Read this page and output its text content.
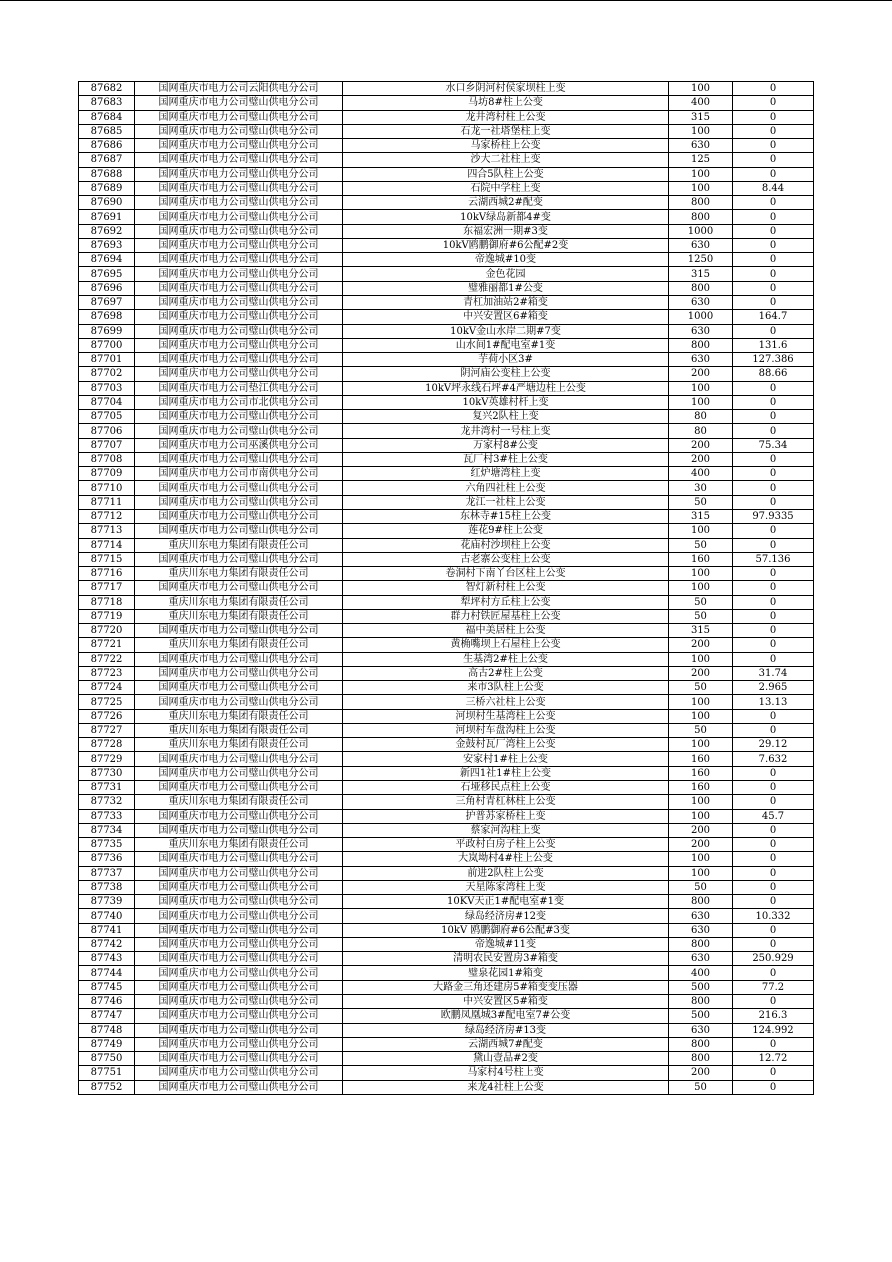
87682	国网重庆市电力公司云阳供电分公司	水口乡阴河村侯家坝柱上变	100	0
87683	国网重庆市电力公司璧山供电分公司	马坊8#柱上公变	400	0
87684	国网重庆市电力公司璧山供电分公司	龙井湾村柱上公变	315	0
87685	国网重庆市电力公司璧山供电分公司	石龙一社塔堡柱上变	100	0
87686	国网重庆市电力公司璧山供电分公司	马家桥柱上公变	630	0
87687	国网重庆市电力公司璧山供电分公司	沙大二社柱上变	125	0
87688	国网重庆市电力公司璧山供电分公司	四合5队柱上公变	100	0
87689	国网重庆市电力公司璧山供电分公司	石院中学柱上变	100	8.44
87690	国网重庆市电力公司璧山供电分公司	云湖西城2#配变	800	0
87691	国网重庆市电力公司璧山供电分公司	10kV绿岛新都4#变	800	0
87692	国网重庆市电力公司璧山供电分公司	东福宏洲一期#3变	1000	0
87693	国网重庆市电力公司璧山供电分公司	10kV鸥鹏御府#6公配#2变	630	0
87694	国网重庆市电力公司璧山供电分公司	帝逸城#10变	1250	0
87695	国网重庆市电力公司璧山供电分公司	金色花园	315	0
87696	国网重庆市电力公司璧山供电分公司	璧雅丽都1#公变	800	0
87697	国网重庆市电力公司璧山供电分公司	青杠加油站2#箱变	630	0
87698	国网重庆市电力公司璧山供电分公司	中兴安置区6#箱变	1000	164.7
87699	国网重庆市电力公司璧山供电分公司	10kV金山水岸二期#7变	630	0
87700	国网重庆市电力公司璧山供电分公司	山水间1#配电室#1变	800	131.6
87701	国网重庆市电力公司璧山供电分公司	芋荷小区3#	630	127.386
87702	国网重庆市电力公司璧山供电分公司	阴河庙公变柱上公变	200	88.66
87703	国网重庆市电力公司垫江供电分公司	10kV坪永线石坪#4严塘边柱上公变	100	0
87704	国网重庆市电力公司市北供电分公司	10kV英雄村杆上变	100	0
87705	国网重庆市电力公司璧山供电分公司	复兴2队柱上变	80	0
87706	国网重庆市电力公司璧山供电分公司	龙井湾村一号柱上变	80	0
87707	国网重庆市电力公司巫溪供电分公司	万家村8#公变	200	75.34
87708	国网重庆市电力公司璧山供电分公司	瓦厂村3#柱上公变	200	0
87709	国网重庆市电力公司市南供电分公司	红炉塘湾柱上变	400	0
87710	国网重庆市电力公司璧山供电分公司	六角四社柱上公变	30	0
87711	国网重庆市电力公司璧山供电分公司	龙江一社柱上公变	50	0
87712	国网重庆市电力公司璧山供电分公司	东林寺#15柱上公变	315	97.9335
87713	国网重庆市电力公司璧山供电分公司	莲花9#柱上公变	100	0
87714	重庆川东电力集团有限责任公司	花庙村沙坝柱上公变	50	0
87715	国网重庆市电力公司璧山供电分公司	古老寨公变柱上公变	160	57.136
87716	重庆川东电力集团有限责任公司	卷洞村下南丫台区柱上公变	100	0
87717	国网重庆市电力公司璧山供电分公司	智灯新村柱上公变	100	0
87718	重庆川东电力集团有限责任公司	犁坪村方丘柱上公变	50	0
87719	重庆川东电力集团有限责任公司	群力村铁匠屋基柱上公变	50	0
87720	国网重庆市电力公司璧山供电分公司	福中美居柱上公变	315	0
87721	重庆川东电力集团有限责任公司	黄桷嘴坝上石屋柱上公变	200	0
87722	国网重庆市电力公司璧山供电分公司	生基湾2#柱上公变	100	0
87723	国网重庆市电力公司璧山供电分公司	高古2#柱上公变	200	31.74
87724	国网重庆市电力公司璧山供电分公司	来市3队柱上公变	50	2.965
87725	国网重庆市电力公司璧山供电分公司	三桥六社柱上公变	100	13.13
87726	重庆川东电力集团有限责任公司	河坝村生基湾柱上公变	100	0
87727	重庆川东电力集团有限责任公司	河坝村车盘沟柱上公变	50	0
87728	重庆川东电力集团有限责任公司	金鼓村瓦厂湾柱上公变	100	29.12
87729	国网重庆市电力公司璧山供电分公司	安家村1#柱上公变	160	7.632
87730	国网重庆市电力公司璧山供电分公司	新四1社1#柱上公变	160	0
87731	国网重庆市电力公司璧山供电分公司	石垭移民点柱上公变	160	0
87732	重庆川东电力集团有限责任公司	三角村青杠林柱上公变	100	0
87733	国网重庆市电力公司璧山供电分公司	护普苏家桥柱上变	100	45.7
87734	国网重庆市电力公司璧山供电分公司	蔡家河沟柱上变	200	0
87735	重庆川东电力集团有限责任公司	平政村白房子柱上公变	200	0
87736	国网重庆市电力公司璧山供电分公司	大岚坳村4#柱上公变	100	0
87737	国网重庆市电力公司璧山供电分公司	前进2队柱上公变	100	0
87738	国网重庆市电力公司璧山供电分公司	天星陈家湾柱上变	50	0
87739	国网重庆市电力公司璧山供电分公司	10KV天正1#配电室#1变	800	0
87740	国网重庆市电力公司璧山供电分公司	绿岛经济房#12变	630	10.332
87741	国网重庆市电力公司璧山供电分公司	10kV 鸥鹏御府#6公配#3变	630	0
87742	国网重庆市电力公司璧山供电分公司	帝逸城#11变	800	0
87743	国网重庆市电力公司璧山供电分公司	清明农民安置房3#箱变	630	250.929
87744	国网重庆市电力公司璧山供电分公司	璧泉花园1#箱变	400	0
87745	国网重庆市电力公司璧山供电分公司	大路金三角还建房5#箱变变压器	500	77.2
87746	国网重庆市电力公司璧山供电分公司	中兴安置区5#箱变	800	0
87747	国网重庆市电力公司璧山供电分公司	欧鹏凤凰城3#配电室7#公变	500	216.3
87748	国网重庆市电力公司璧山供电分公司	绿岛经济房#13变	630	124.992
87749	国网重庆市电力公司璧山供电分公司	云湖西城7#配变	800	0
87750	国网重庆市电力公司璧山供电分公司	黛山壹品#2变	800	12.72
87751	国网重庆市电力公司璧山供电分公司	马家村4号柱上变	200	0
87752	国网重庆市电力公司璧山供电分公司	来龙4社柱上公变	50	0
